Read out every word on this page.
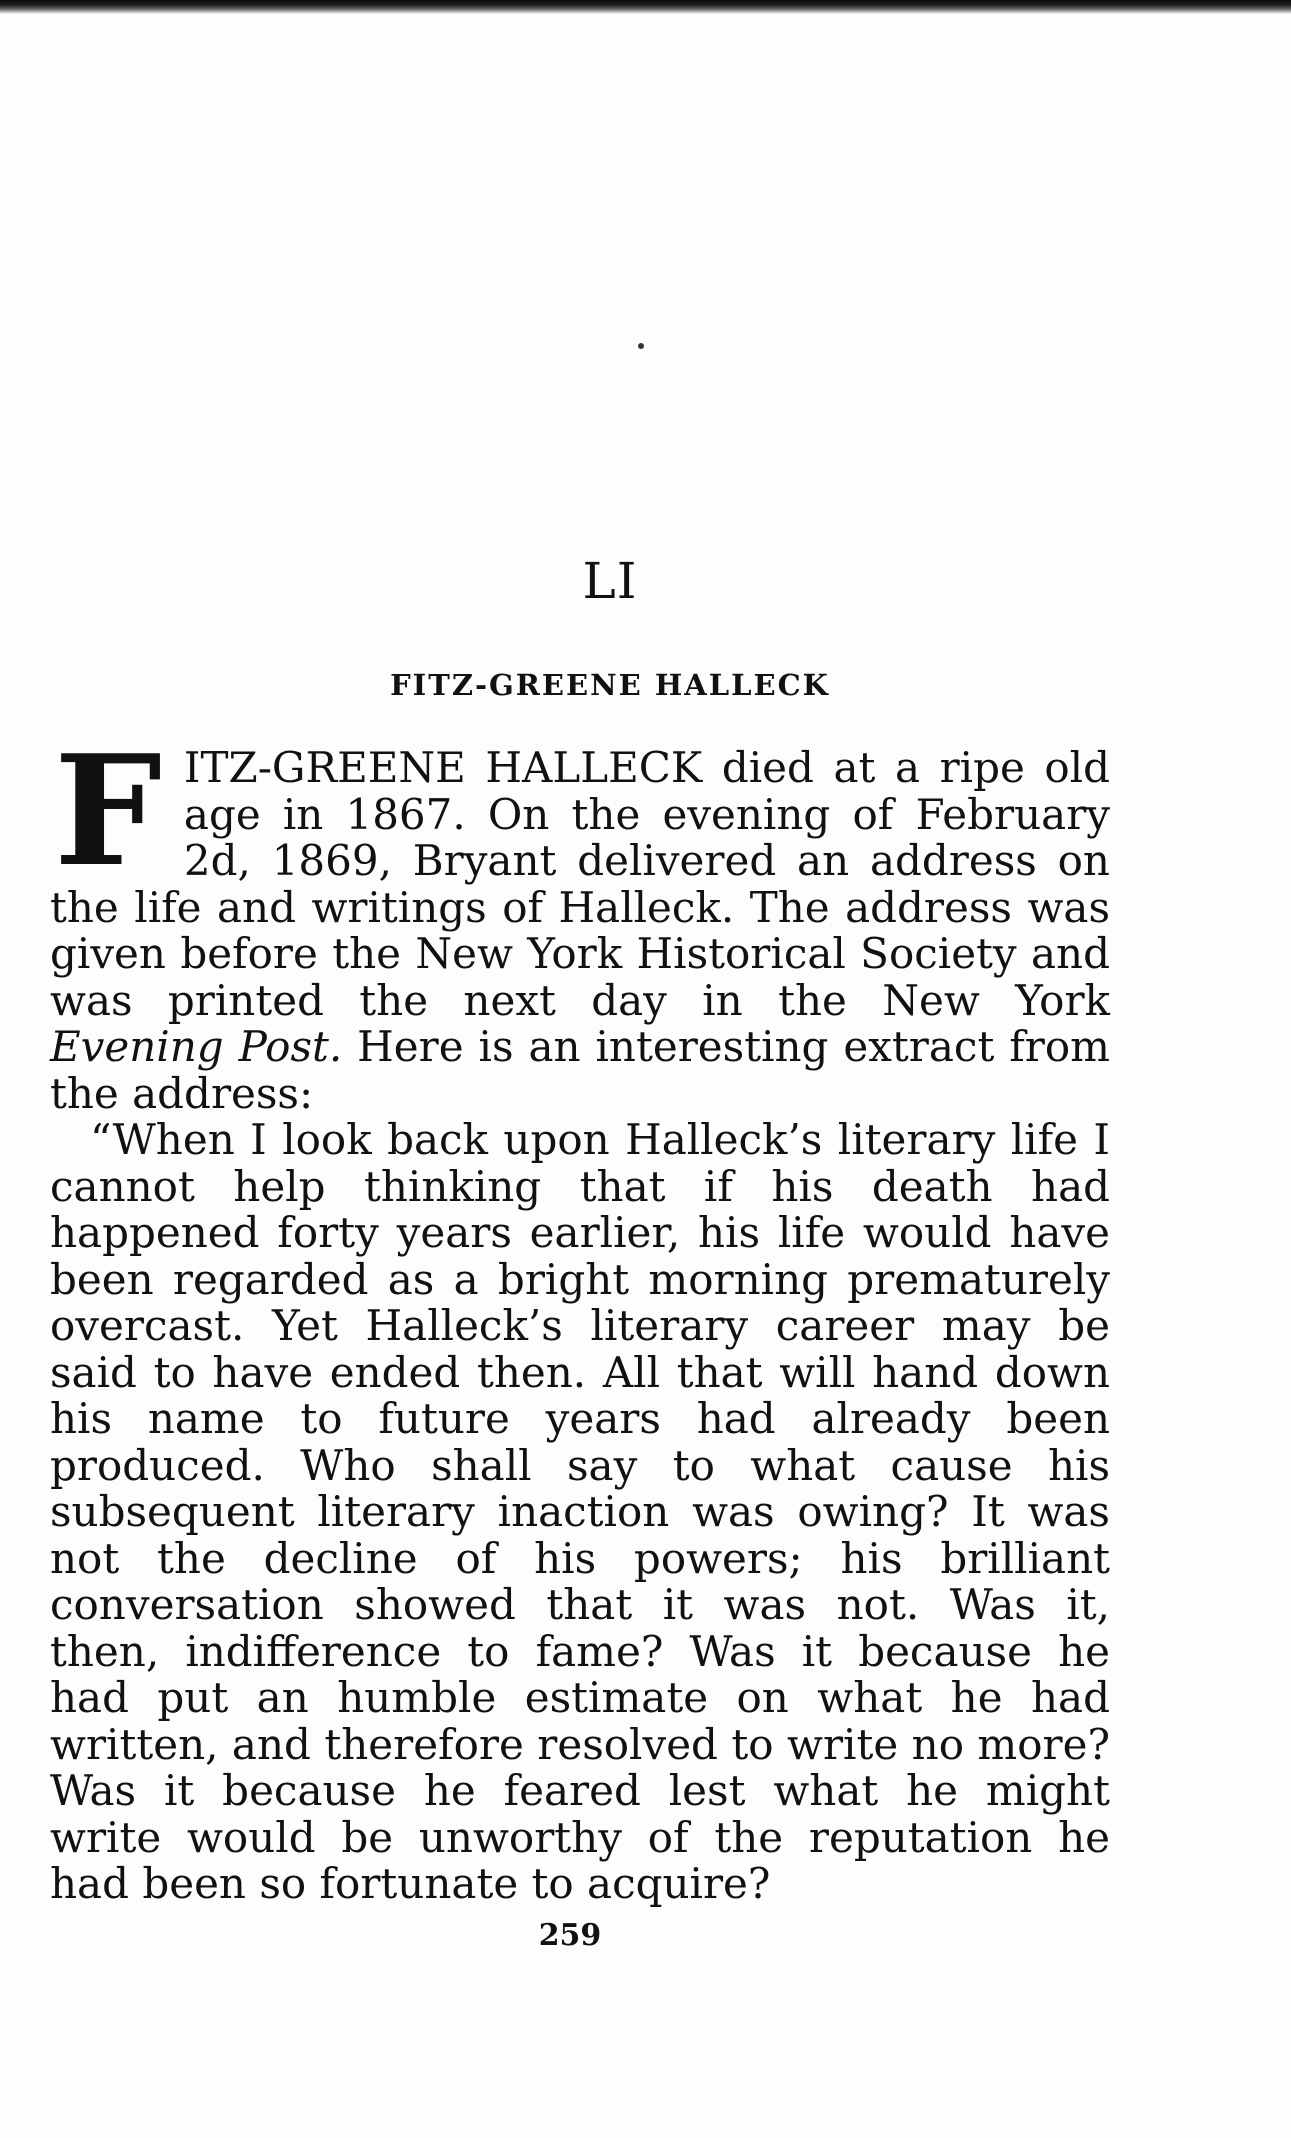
LI
FITZ-GREENE HALLECK

FITZ-GREENE HALLECK died at a ripe old age in 1867. On the evening of February 2d, 1869, Bryant delivered an address on the life and writings of Halleck. The address was given before the New York Historical Society and was printed the next day in the New York Evening Post. Here is an interesting extract from the address:

“When I look back upon Halleck’s literary life I cannot help thinking that if his death had happened forty years earlier, his life would have been regarded as a bright morning prematurely overcast. Yet Halleck’s literary career may be said to have ended then. All that will hand down his name to future years had already been produced. Who shall say to what cause his subsequent literary inaction was owing? It was not the decline of his powers; his brilliant conversation showed that it was not. Was it, then, indifference to fame? Was it because he had put an humble estimate on what he had written, and therefore resolved to write no more? Was it because he feared lest what he might write would be unworthy of the reputation he had been so fortunate to acquire?

259
